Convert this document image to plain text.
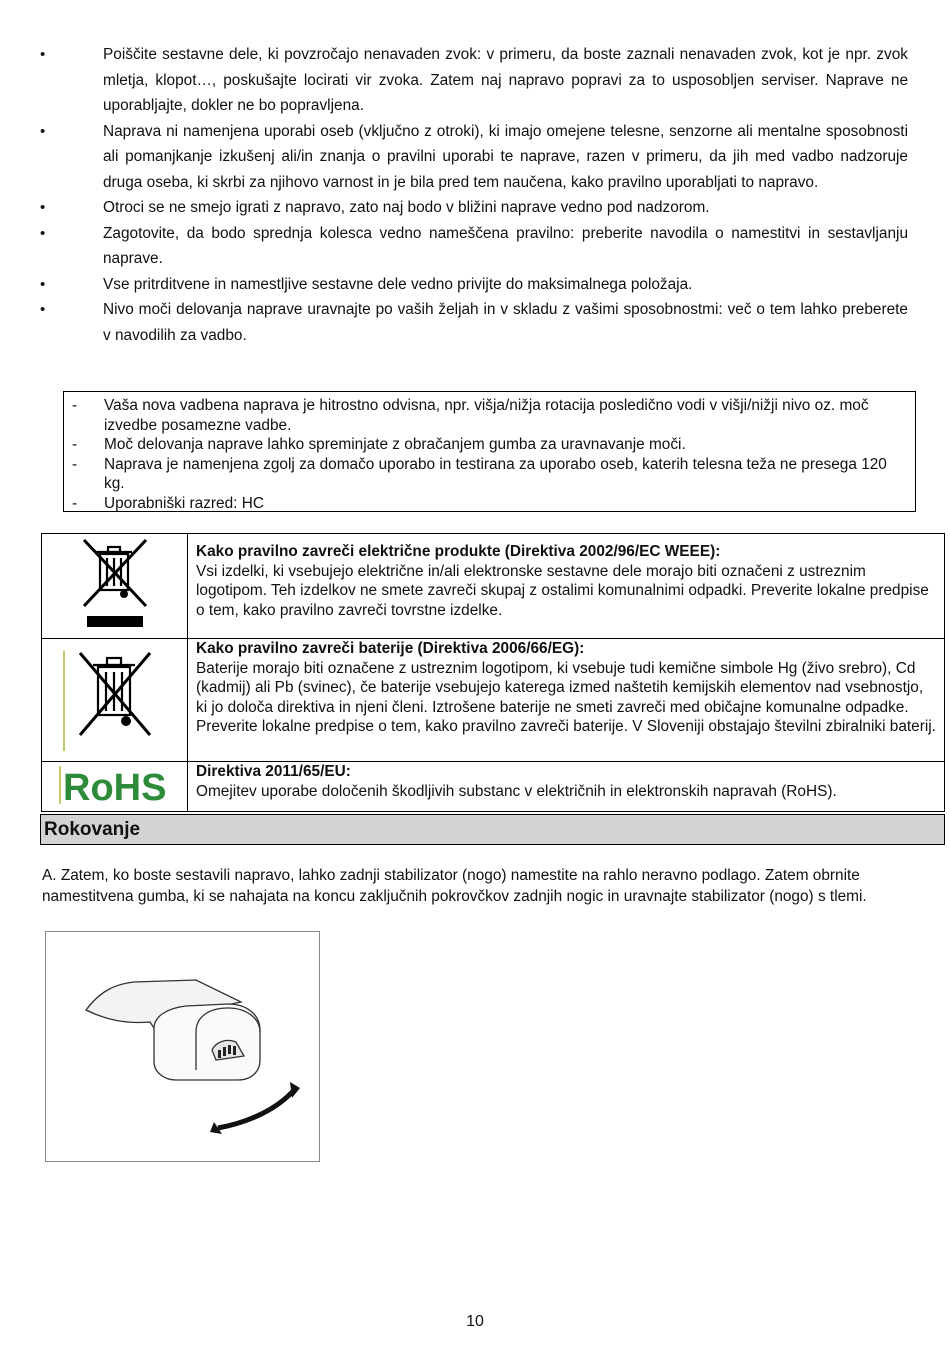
•	Poiščite sestavne dele, ki povzročajo nenavaden zvok: v primeru, da boste zaznali nenavaden zvok, kot je npr. zvok mletja, klopot…, poskušajte locirati vir zvoka. Zatem naj napravo popravi za to usposobljen serviser. Naprave ne uporabljajte, dokler ne bo popravljena.
•	Naprava ni namenjena uporabi oseb (vključno z otroki), ki imajo omejene telesne, senzorne ali mentalne sposobnosti ali pomanjkanje izkušenj ali/in znanja o pravilni uporabi te naprave, razen v primeru, da jih med vadbo nadzoruje druga oseba, ki skrbi za njihovo varnost in je bila pred tem naučena, kako pravilno uporabljati to napravo.
•	Otroci se ne smejo igrati z napravo, zato naj bodo v bližini naprave vedno pod nadzorom.
•	Zagotovite, da bodo sprednja kolesca vedno nameščena pravilno: preberite navodila o namestitvi in sestavljanju naprave.
•	Vse pritrditvene in namestljive sestavne dele vedno privijte do maksimalnega položaja.
•	Nivo moči delovanja naprave uravnajte po vaših željah in v skladu z vašimi sposobnostmi: več o tem lahko preberete v navodilih za vadbo.
- Vaša nova vadbena naprava je hitrostno odvisna, npr. višja/nižja rotacija posledično vodi v višji/nižji nivo oz. moč izvedbe posamezne vadbe.
- Moč delovanja naprave lahko spreminjate z obračanjem gumba za uravnavanje moči.
- Naprava je namenjena zgolj za domačo uporabo in testirana za uporabo oseb, katerih telesna teža ne presega 120 kg.
- Uporabniški razred: HC

Kako pravilno zavreči električne produkte (Direktiva 2002/96/EC WEEE):
Vsi izdelki, ki vsebujejo električne in/ali elektronske sestavne dele morajo biti označeni z ustreznim logotipom. Teh izdelkov ne smete zavreči skupaj z ostalimi komunalnimi odpadki. Preverite lokalne predpise o tem, kako pravilno zavreči tovrstne izdelke.

Kako pravilno zavreči baterije (Direktiva 2006/66/EG):
Baterije morajo biti označene z ustreznim logotipom, ki vsebuje tudi kemične simbole Hg (živo srebro), Cd (kadmij) ali Pb (svinec), če baterije vsebujejo katerega izmed naštetih kemijskih elementov nad vsebnostjo, ki jo določa direktiva in njeni členi. Iztrošene baterije ne smeti zavreči med običajne komunalne odpadke. Preverite lokalne predpise o tem, kako pravilno zavreči baterije. V Sloveniji obstajajo številni zbiralniki baterij.

RoHS	Direktiva 2011/65/EU:
Omejitev uporabe določenih škodljivih substanc v električnih in elektronskih napravah (RoHS).
Rokovanje
A. Zatem, ko boste sestavili napravo, lahko zadnji stabilizator (nogo) namestite na rahlo neravno podlago. Zatem obrnite namestitvena gumba, ki se nahajata na koncu zaključnih pokrovčkov zadnjih nogic in uravnajte stabilizator (nogo) s tlemi.
10
